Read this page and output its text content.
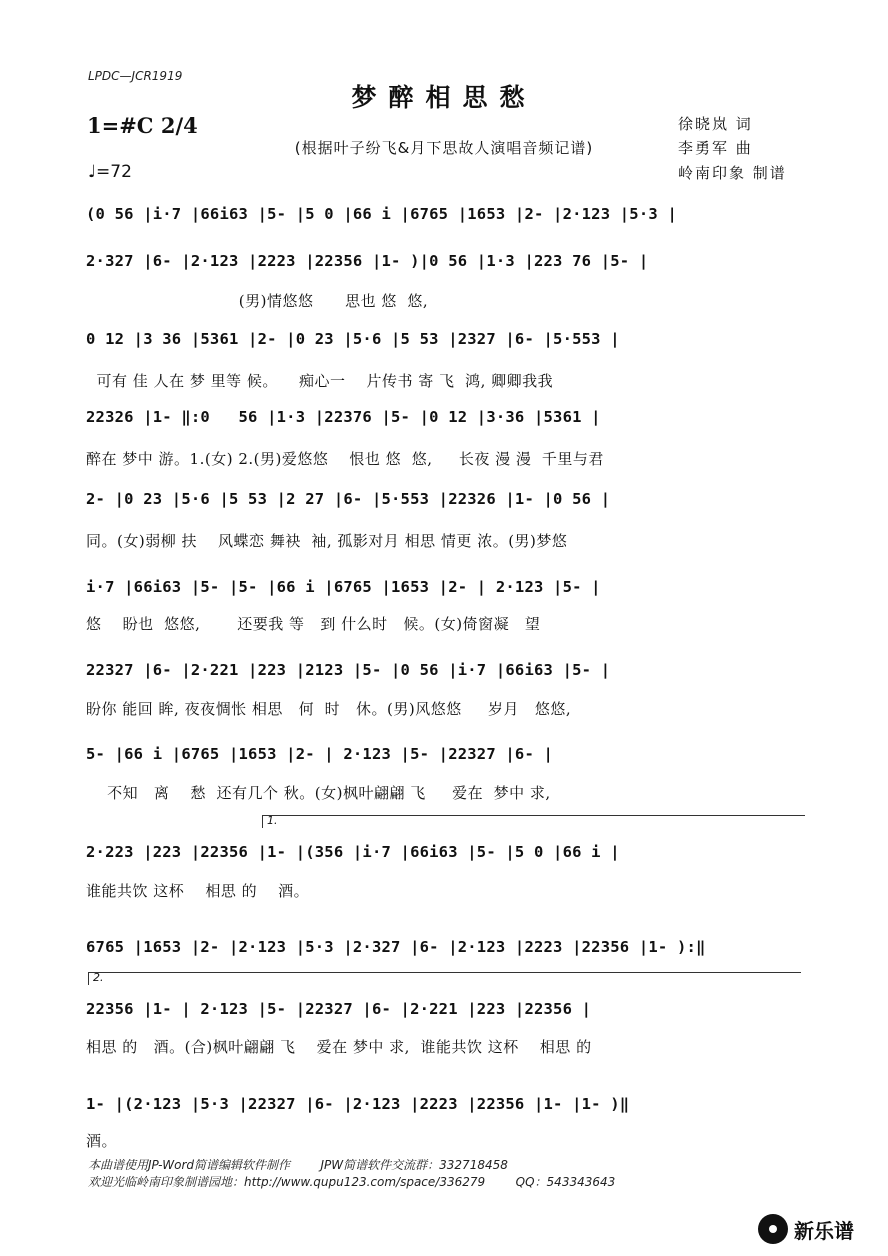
LPDC—JCR1919
梦醉相思愁
1=#C 2/4
(根据叶子纷飞&月下思故人演唱音频记谱)
♩=72
徐晓岚 词
李勇军 曲
岭南印象 制谱
(0 56 |i·7 |66i63 |5- |5 0 |66 i |6765 |1653 |2- |2·123 |5·3 |
2·327 |6- |2·123 |2223 |22356 |1- )|0 56 |1·3 |223 76 |5- |
(男)情悠悠      思也 悠  悠,
0 12 |3 36 |5361 |2- |0 23 |5·6 |5 53 |2327 |6- |5·553 |
可有 佳 人在 梦 里等 候。    痴心一    片传书 寄 飞  鸿, 卿卿我我
22326 |1- ‖:0   56 |1·3 |22376 |5- |0 12 |3·36 |5361 |
醉在 梦中 游。1.(女) 2.(男)爱悠悠    恨也 悠  悠,     长夜 漫 漫  千里与君
2- |0 23 |5·6 |5 53 |2 27 |6- |5·553 |22326 |1- |0 56 |
同。(女)弱柳 扶    风蝶恋 舞袂  袖, 孤影对月 相思 情更 浓。(男)梦悠
i·7 |66i63 |5- |5- |66 i |6765 |1653 |2- | 2·123 |5- |
悠    盼也  悠悠,       还要我 等   到 什么时   候。(女)倚窗凝   望
22327 |6- |2·221 |223 |2123 |5- |0 56 |i·7 |66i63 |5- |
盼你 能回 眸, 夜夜惆怅 相思   何  时   休。(男)风悠悠     岁月   悠悠,
5- |66 i |6765 |1653 |2- | 2·123 |5- |22327 |6- |
不知   离    愁  还有几个 秋。(女)枫叶翩翩 飞     爱在  梦中 求,
1.
2·223 |223 |22356 |1- |(356 |i·7 |66i63 |5- |5 0 |66 i |
谁能共饮 这杯    相思 的    酒。
6765 |1653 |2- |2·123 |5·3 |2·327 |6- |2·123 |2223 |22356 |1- ):‖
2.
22356 |1- | 2·123 |5- |22327 |6- |2·221 |223 |22356 |
相思 的   酒。(合)枫叶翩翩 飞    爱在 梦中 求,  谁能共饮 这杯    相思 的
1- |(2·123 |5·3 |22327 |6- |2·123 |2223 |22356 |1- |1- )‖
酒。
本曲谱使用JP-Word简谱编辑软件制作        JPW简谱软件交流群：332718458
欢迎光临岭南印象制谱园地：http://www.qupu123.com/space/336279        QQ：543343643
新乐谱
